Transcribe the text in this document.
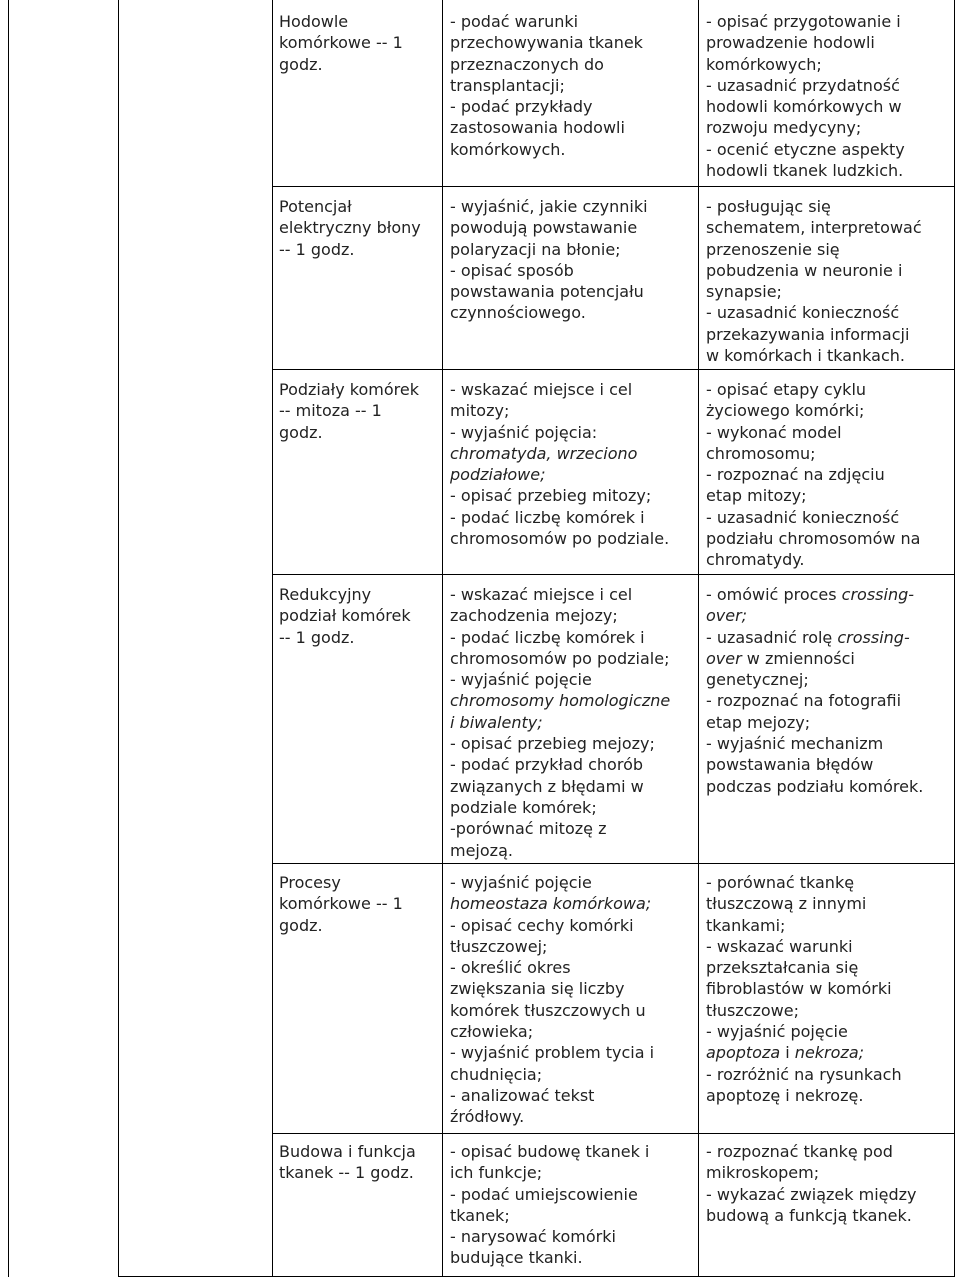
Hodowle
komórkowe -- 1
godz.
- podać warunki
przechowywania tkanek
przeznaczonych do
transplantacji;
- podać przykłady
zastosowania hodowli
komórkowych.
- opisać przygotowanie i
prowadzenie hodowli
komórkowych;
- uzasadnić przydatność
hodowli komórkowych w
rozwoju medycyny;
- ocenić etyczne aspekty
hodowli tkanek ludzkich.
Potencjał
elektryczny błony
-- 1 godz.
- wyjaśnić, jakie czynniki
powodują powstawanie
polaryzacji na błonie;
- opisać sposób
powstawania potencjału
czynnościowego.
- posługując się
schematem, interpretować
przenoszenie się
pobudzenia w neuronie i
synapsie;
- uzasadnić konieczność
przekazywania informacji
w komórkach i tkankach.
Podziały komórek
-- mitoza -- 1
godz.
- wskazać miejsce i cel
mitozy;
- wyjaśnić pojęcia:
chromatyda, wrzeciono
podziałowe;
- opisać przebieg mitozy;
- podać liczbę komórek i
chromosomów po podziale.
- opisać etapy cyklu
życiowego komórki;
- wykonać model
chromosomu;
- rozpoznać na zdjęciu
etap mitozy;
- uzasadnić konieczność
podziału chromosomów na
chromatydy.
Redukcyjny
podział komórek
-- 1 godz.
- wskazać miejsce i cel
zachodzenia mejozy;
- podać liczbę komórek i
chromosomów po podziale;
- wyjaśnić pojęcie
chromosomy homologiczne
i biwalenty;
- opisać przebieg mejozy;
- podać przykład chorób
związanych z błędami w
podziale komórek;
-porównać mitozę z
mejozą.
- omówić proces crossing-
over;
- uzasadnić rolę crossing-
over w zmienności
genetycznej;
- rozpoznać na fotografii
etap mejozy;
- wyjaśnić mechanizm
powstawania błędów
podczas podziału komórek.
Procesy
komórkowe -- 1
godz.
- wyjaśnić pojęcie
homeostaza komórkowa;
- opisać cechy komórki
tłuszczowej;
- określić okres
zwiększania się liczby
komórek tłuszczowych u
człowieka;
- wyjaśnić problem tycia i
chudnięcia;
- analizować tekst
źródłowy.
- porównać tkankę
tłuszczową z innymi
tkankami;
- wskazać warunki
przekształcania się
fibroblastów w komórki
tłuszczowe;
- wyjaśnić pojęcie
apoptoza i nekroza;
- rozróżnić na rysunkach
apoptozę i nekrozę.
Budowa i funkcja
tkanek -- 1 godz.
- opisać budowę tkanek i
ich funkcje;
- podać umiejscowienie
tkanek;
- narysować komórki
budujące tkanki.
- rozpoznać tkankę pod
mikroskopem;
- wykazać związek między
budową a funkcją tkanek.
